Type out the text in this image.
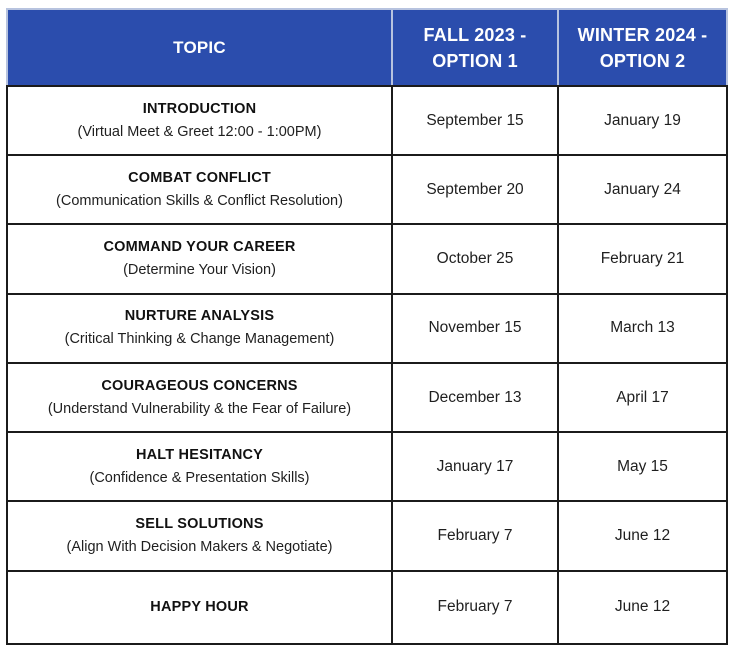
TOPIC	FALL 2023 - OPTION 1	WINTER 2024 - OPTION 2

INTRODUCTION
(Virtual Meet & Greet 12:00 - 1:00PM)	September 15	January 19

COMBAT CONFLICT
(Communication Skills & Conflict Resolution)	September 20	January 24

COMMAND YOUR CAREER
(Determine Your Vision)	October 25	February 21

NURTURE ANALYSIS
(Critical Thinking & Change Management)	November 15	March 13

COURAGEOUS CONCERNS
(Understand Vulnerability & the Fear of Failure)	December 13	April 17

HALT HESITANCY
(Confidence & Presentation Skills)	January 17	May 15

SELL SOLUTIONS
(Align With Decision Makers & Negotiate)	February 7	June 12

HAPPY HOUR	February 7	June 12
